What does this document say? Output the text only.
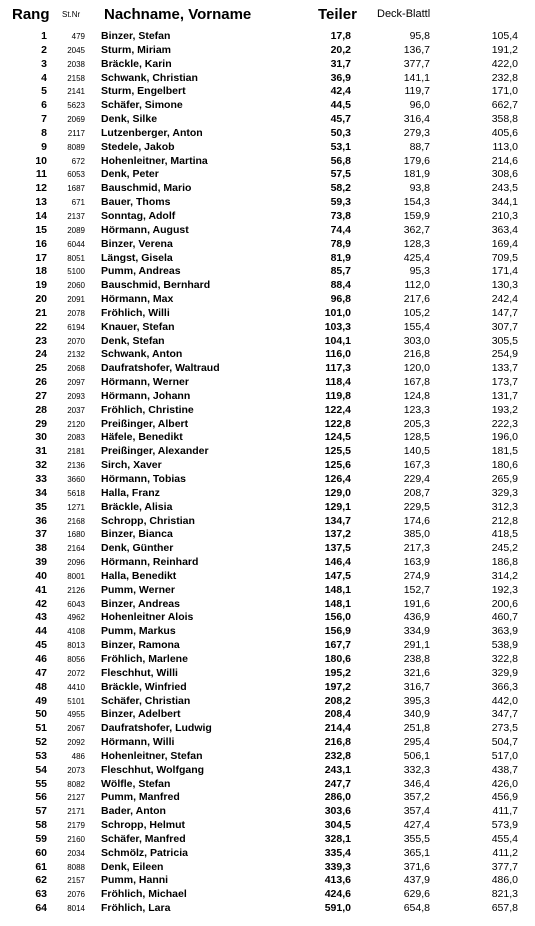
Rang St.Nr Nachname, Vorname	Teiler Deck-Blattl
1	479 Binzer, Stefan	17,8	95,8	105,4
2	2045 Sturm, Miriam	20,2	136,7	191,2
3	2038 Bräckle, Karin	31,7	377,7	422,0
4	2158 Schwank, Christian	36,9	141,1	232,8
5	2141 Sturm, Engelbert	42,4	119,7	171,0
6	5623 Schäfer, Simone	44,5	96,0	662,7
7	2069 Denk, Silke	45,7	316,4	358,8
8	2117 Lutzenberger, Anton	50,3	279,3	405,6
9	8089 Stedele, Jakob	53,1	88,7	113,0
10	672 Hohenleitner, Martina	56,8	179,6	214,6
11	6053 Denk, Peter	57,5	181,9	308,6
12	1687 Bauschmid, Mario	58,2	93,8	243,5
13	671 Bauer, Thoms	59,3	154,3	344,1
14	2137 Sonntag, Adolf	73,8	159,9	210,3
15	2089 Hörmann, August	74,4	362,7	363,4
16	6044 Binzer, Verena	78,9	128,3	169,4
17	8051 Längst, Gisela	81,9	425,4	709,5
18	5100 Pumm, Andreas	85,7	95,3	171,4
19	2060 Bauschmid, Bernhard	88,4	112,0	130,3
20	2091 Hörmann, Max	96,8	217,6	242,4
21	2078 Fröhlich, Willi	101,0	105,2	147,7
22	6194 Knauer, Stefan	103,3	155,4	307,7
23	2070 Denk, Stefan	104,1	303,0	305,5
24	2132 Schwank, Anton	116,0	216,8	254,9
25	2068 Daufratshofer, Waltraud	117,3	120,0	133,7
26	2097 Hörmann, Werner	118,4	167,8	173,7
27	2093 Hörmann, Johann	119,8	124,8	131,7
28	2037 Fröhlich, Christine	122,4	123,3	193,2
29	2120 Preißinger, Albert	122,8	205,3	222,3
30	2083 Häfele, Benedikt	124,5	128,5	196,0
31	2181 Preißinger, Alexander	125,5	140,5	181,5
32	2136 Sirch, Xaver	125,6	167,3	180,6
33	3660 Hörmann, Tobias	126,4	229,4	265,9
34	5618 Halla, Franz	129,0	208,7	329,3
35	1271 Bräckle, Alisia	129,1	229,5	312,3
36	2168 Schropp, Christian	134,7	174,6	212,8
37	1680 Binzer, Bianca	137,2	385,0	418,5
38	2164 Denk, Günther	137,5	217,3	245,2
39	2096 Hörmann, Reinhard	146,4	163,9	186,8
40	8001 Halla, Benedikt	147,5	274,9	314,2
41	2126 Pumm, Werner	148,1	152,7	192,3
42	6043 Binzer, Andreas	148,1	191,6	200,6
43	4962 Hohenleitner Alois	156,0	436,9	460,7
44	4108 Pumm, Markus	156,9	334,9	363,9
45	8013 Binzer, Ramona	167,7	291,1	538,9
46	8056 Fröhlich, Marlene	180,6	238,8	322,8
47	2072 Fleschhut, Willi	195,2	321,6	329,9
48	4410 Bräckle, Winfried	197,2	316,7	366,3
49	5101 Schäfer, Christian	208,2	395,3	442,0
50	4955 Binzer, Adelbert	208,4	340,9	347,7
51	2067 Daufratshofer, Ludwig	214,4	251,8	273,5
52	2092 Hörmann, Willi	216,8	295,4	504,7
53	486 Hohenleitner, Stefan	232,8	506,1	517,0
54	2073 Fleschhut, Wolfgang	243,1	332,3	438,7
55	8082 Wölfle, Stefan	247,7	346,4	426,0
56	2127 Pumm, Manfred	286,0	357,2	456,9
57	2171 Bader, Anton	303,6	357,4	411,7
58	2179 Schropp, Helmut	304,5	427,4	573,9
59	2160 Schäfer, Manfred	328,1	355,5	455,4
60	2034 Schmölz, Patricia	335,4	365,1	411,2
61	8088 Denk, Eileen	339,3	371,6	377,7
62	2157 Pumm, Hanni	413,6	437,9	486,0
63	2076 Fröhlich, Michael	424,6	629,6	821,3
64	8014 Fröhlich, Lara	591,0	654,8	657,8
